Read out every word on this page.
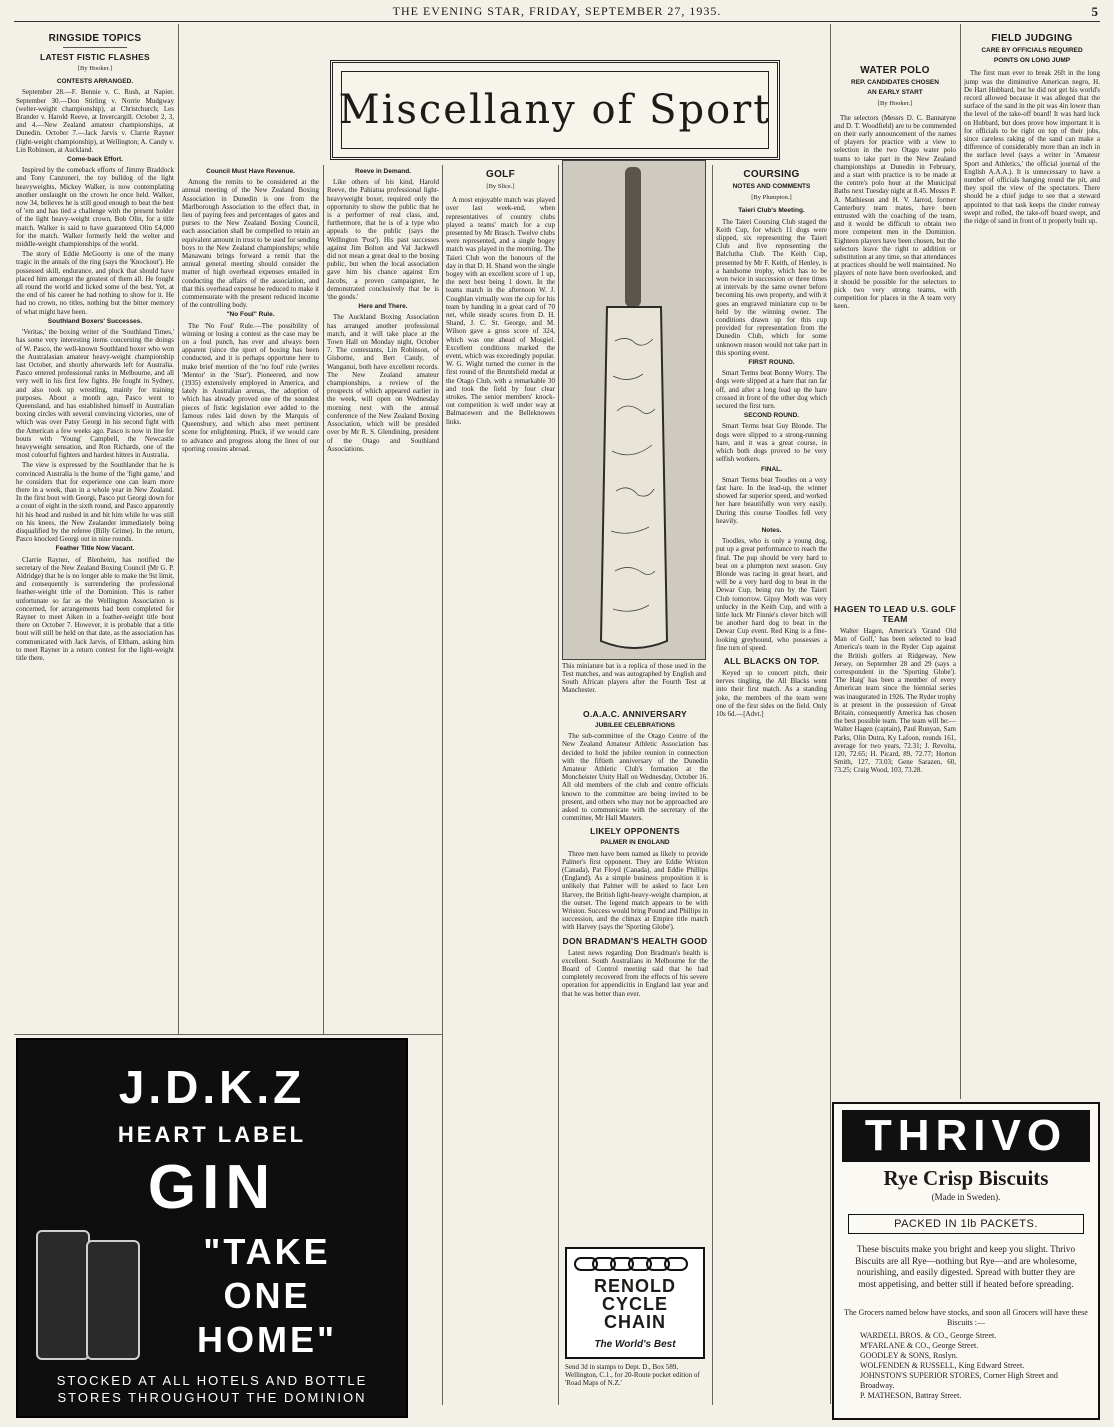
THE EVENING STAR, FRIDAY, SEPTEMBER 27, 1935.	5
Miscellany of Sport
RINGSIDE TOPICS
LATEST FISTIC FLASHES
[By Hooker.]
CONTESTS ARRANGED.

September 28.—F. Bennie v. C. Rush, at Napier. September 30.—Don Stirling v. Norrie Mudgway (welter-weight championship), at Christchurch; Les Brander v. Harold Reeve, at Invercargill. October 2, 3, and 4.—New Zealand amateur championships, at Dunedin. October 7.—Jack Jarvis v. Clarrie Rayner (light-weight championship), at Wellington; A. Candy v. Lin Robinson, at Auckland.

Come-back Effort.

Inspired by the comeback efforts of Jimmy Braddock and Tony Canzoneri, the toy bulldog of the light heavyweights, Mickey Walker, is now contemplating another onslaught on the crown he once held. Walker, now 34, believes he is still good enough to beat the best of 'em and has tied a challenge with the present holder of the light heavy-weight crown, Bob Olin, for a title match. Walker is said to have guaranteed Olin £4,000 for the match. Walker formerly held the welter and middle-weight championships of the world.

The story of Eddie McGoorty is one of the many tragic in the annals of the ring (says the 'Knockout'). He possessed skill, endurance, and pluck that should have placed him amongst the greatest of them all. He fought all round the world and licked some of the best. Yet, at the end of his career he had nothing to show for it. He had no crown, no titles, nothing but the bitter memory of what might have been.

Southland Boxers' Successes.

'Veritas,' the boxing writer of the 'Southland Times,' has some very interesting items concerning the doings of W. Pasco, the well-known Southland boxer who won the Australasian amateur heavy-weight championship last October, and shortly afterwards left for Australia. Pasco entered professional ranks in Melbourne, and all very well in his first few fights. He fought in Sydney, and also took up wrestling, mainly for training purposes. About a month ago, Pasco went to Queensland, and has established himself in Australian boxing circles with several convincing victories, one of which was over Patsy Georgi in his second fight with the American a few weeks ago. Pasco is now in line for bouts with 'Young' Campbell, the Newcastle heavyweight sensation, and Ron Richards, one of the most colourful fighters and hardest hitters in Australia.

The view is expressed by the Southlander that he is convinced Australia is the home of the 'fight game,' and he considers that for experience one can learn more there in a week, than in a whole year in New Zealand. In the first bout with Georgi, Pasco put Georgi down for a count of eight in the sixth round, and Pasco apparently hit his head and rushed in and hit him while he was still on his knees, the New Zealander immediately being disqualified by the referee (Billy Grime). In the return, Pasco knocked Georgi out in nine rounds.

Feather Title Now Vacant.

Clarrie Rayner, of Blenheim, has notified the secretary of the New Zealand Boxing Council (Mr G. P. Aldridge) that he is no longer able to make the 9st limit, and consequently is surrendering the professional feather-weight title of the Dominion. This is rather unfortunate so far as the Wellington Association is concerned, for arrangements had been completed for Rayner to meet Aiken in a feather-weight title bout there on October 7. However, it is probable that a title bout will still be held on that date, as the association has communicated with Jack Jarvis, of Eltham, asking him to meet Rayner in a return contest for the light-weight title there.

Council Must Have Revenue.

Among the remits to be considered at the annual meeting of the New Zealand Boxing Association in Dunedin is one from the Marlborough Association to the effect that, in lieu of paying fees and percentages of gates and purses to the New Zealand Boxing Council, each association shall be compelled to retain an equivalent amount in trust to be used for sending boys to the New Zealand championships; while Manawatu brings forward a remit that the annual general meeting should consider the matter of high overhead expenses entailed in conducting the affairs of the association, and that this overhead expense be reduced to make it commensurate with the present reduced income of the controlling body.

"No Foul" Rule.

The 'No Foul' Rule.—The possibility of winning or losing a contest as the case may be on a foul punch, has ever and always been apparent (since the sport of boxing has been conducted, and it is perhaps opportune here to make brief mention of the 'no foul' rule (writes 'Mentor' in the 'Star'). Pioneered, and now (1935) extensively employed in America, and lately in Australian arenas, the adoption of which has already proved one of the soundest pieces of fistic legislation ever added to the famous rules laid down by the Marquis of Queensbury, and which also meet pertinent scene for enlightening. Pluck, if we would care to advance and progress along the lines of our sporting cousins abroad.

Reeve in Demand.

Like others of his kind, Harold Reeve, the Pahiatua professional light-heavyweight boxer, required only the opportunity to show the public that he is a performer of real class, and, furthermore, that he is of a type who appeals to the public (says the Wellington 'Post'). His past successes against Jim Bolton and Val Jackwell did not mean a great deal to the boxing public, but when the local association gave him his chance against Ern Jacobs, a proven campaigner, he demonstrated conclusively that he is 'the goods.'

Here and There.

The Auckland Boxing Association has arranged another professional match, and it will take place at the Town Hall on Monday night, October 7. The contestants, Lin Robinson, of Gisborne, and Bert Candy, of Wanganui, both have excellent records. The New Zealand amateur championships, a review of the prospects of which appeared earlier in the week, will open on Wednesday morning next with the annual conference of the New Zealand Boxing Association, which will be presided over by Mr R. S. Glendining, president of the Otago and Southland Associations.

GOLF
[By Slice.]

A most enjoyable match was played over last week-end, when representatives of country clubs played a teams' match for a cup presented by Mr Brasch. Twelve clubs were represented, and a single bogey match was played in the morning. The Taieri Club won the honours of the day in that D. H. Shand won the single bogey with an excellent score of 1 up, the next best being 1 down. In the teams match in the afternoon W. J. Coughlan virtually won the cup for his team by handing in a great card of 70 net, while steady scores from D. H. Shand, J. C. St. George, and M. Wilson gave a gross score of 324, which was one ahead of Mosgiel. Excellent conditions marked the event, which was exceedingly popular. W. G. Wight turned the corner in the first round of the Bruntsfield medal at the Otago Club, with a remarkable 30 and took the field by four clear strokes. The senior members' knock-out competition is well under way at Balmacewen and the Belleknowes links.

This miniature bat is a replica of those used in the Test matches, and was autographed by English and South African players after the Fourth Test at Manchester.
O.A.A.C. ANNIVERSARY
JUBILEE CELEBRATIONS

The sub-committee of the Otago Centre of the New Zealand Amateur Athletic Association has decided to hold the jubilee reunion in connection with the fiftieth anniversary of the Dunedin Amateur Athletic Club's formation at the Moncheister Unity Hall on Wednesday, October 16. All old members of the club and centre officials known to the committee are being invited to be present, and others who may not be approached are asked to communicate with the secretary of the committee, Mr Hall Masters.

LIKELY OPPONENTS
PALMER IN ENGLAND

Three men have been named as likely to provide Palmer's first opponent. They are Eddie Wriston (Canada), Pat Floyd (Canada), and Eddie Phillips (England). As a simple business proposition it is unlikely that Palmer will be asked to face Len Harvey, the British light-heavy-weight champion, at the outset. The legend match appears to be with Wriston. Success would bring Pound and Phillips in succession, and the climax at Empire title match with Harvey (says the 'Sporting Globe').

DON BRADMAN'S HEALTH GOOD

Latest news regarding Don Bradman's health is excellent. South Australians in Melbourne for the Board of Control meeting said that he had completely recovered from the effects of his severe operation for appendicitis in England last year and that he was better than ever.

RENOLD
CYCLE
CHAIN
The World's Best
Send 3d in stamps to Dept. D., Box 589, Wellington, C.1., for 20-Route pocket edition of 'Road Maps of N.Z.'
COURSING
NOTES AND COMMENTS
[By Plumpton.]
Taieri Club's Meeting.

The Taieri Coursing Club staged the Keith Cup, for which 11 dogs were slipped, six representing the Taieri Club and five representing the Balclutha Club. The Keith Cup, presented by Mr F. Keith, of Henley, is a handsome trophy, which has to be won twice in succession or three times at intervals by the same owner before becoming his own property, and with it goes an engraved miniature cup to be held by the winning owner. The conditions drawn up for this cup provided for representation from the Dunedin Club, which for some unknown reason would not take part in this sporting event.

FIRST ROUND.

Smart Terms beat Bonny Worry. The dogs were slipped at a hare that ran far off, and after a long lead up the hare crossed in front of the other dog which secured the first turn.

SECOND ROUND.

Smart Terms beat Guy Blonde. The dogs were slipped to a strong-running hare, and it was a great course, in which both dogs proved to be very selfish workers.

FINAL.

Smart Terms beat Toodles on a very fast hare. In the lead-up, the winner showed far superior speed, and worked her hare beautifully won very easily. During this course Toodles fell very heavily.

Notes.

Toodles, who is only a young dog, put up a great performance to reach the final. The pup should be very hard to beat on a plumpton next season. Guy Blonde was racing in great heart, and will be a very hard dog to beat in the Dewar Cup, being run by the Taieri Club tomorrow. Gipsy Moth was very unlucky in the Keith Cup, and with a little luck Mr Finnie's clever bitch will be another hard dog to beat in the Dewar Cup event. Red King is a fine-looking greyhound, who possesses a fine turn of speed.

ALL BLACKS ON TOP.

Keyed up to concert pitch, their nerves tingling, the All Blacks went into their first match. As a standing joke, the members of the team were one of the first sides on the field. Only 10s 6d.—[Advt.]

WATER POLO
REP. CANDIDATES CHOSEN
AN EARLY START
[By Hooker.]

The selectors (Messrs D. C. Bannatyne and D. T. Woodfield) are to be commended on their early announcement of the names of players for practice with a view to selection in the two Otago water polo teams to take part in the New Zealand championships at Dunedin in February, and a start with practice is to be made at the centre's polo hour at the Municipal Baths next Tuesday night at 8.45. Messrs P. A. Mathieson and H. V. Jarrod, former Canterbury team mates, have been entrusted with the coaching of the team, and it would be difficult to obtain two more competent men in the Dominion. Eighteen players have been chosen, but the selectors leave the right to addition or substitution at any time, so that attendances at practices should be well maintained. No players of note have been overlooked, and it should be possible for the selectors to pick two very strong teams, with competition for places in the A team very keen.

HAGEN TO LEAD U.S. GOLF TEAM

Walter Hagen, America's 'Grand Old Man of Golf,' has been selected to lead America's team in the Ryder Cup against the British golfers at Ridgeway, New Jersey, on September 28 and 29 (says a correspondent in the 'Sporting Globe'). 'The Haig' has been a member of every American team since the biennial series was inaugurated in 1926. The Ryder trophy is at present in the possession of Great Britain, consequently America has chosen the best possible team. The team will be:— Walter Hagen (captain), Paul Runyan, Sam Parks, Olin Dutra, Ky Lafoon, rounds 161, average for two years, 72.31; J. Revolta, 120, 72.65; H. Picard, 89, 72.77; Horton Smith, 127, 73.03; Gene Sarazen, 60, 73.25; Craig Wood, 103, 73.28.

FIELD JUDGING
CARE BY OFFICIALS REQUIRED
POINTS ON LONG JUMP

The first man ever to break 26ft in the long jump was the diminutive American negro, H. De Hart Hubbard, but he did not get his world's record allowed because it was alleged that the surface of the sand in the pit was 4in lower than the level of the take-off board! It was hard luck on Hubbard, but does prove how important it is for officials to be right on top of their jobs, since careless raking of the sand can make a difference of considerably more than an inch in the surface level (says a writer in 'Amateur Sport and Athletics,' the official journal of the English A.A.A.). It is unnecessary to have a number of officials hanging round the pit, and they spoil the view of the spectators. There should be a chief judge to see that a steward appointed to that task keeps the cinder runway swept and rolled, the take-off board swept, and the ridge of sand in front of it properly built up.

J.D.K.Z
HEART LABEL
GIN
"TAKE
ONE
HOME"
STOCKED AT ALL HOTELS AND BOTTLE
STORES THROUGHOUT THE DOMINION
THRIVO
Rye Crisp Biscuits
(Made in Sweden).
PACKED IN 1lb PACKETS.
These biscuits make you bright and keep you slight. Thrivo Biscuits are all Rye—nothing but Rye—and are wholesome, nourishing, and easily digested. Spread with butter they are most appetising, and better still if heated before spreading.
The Grocers named below have stocks, and soon all Grocers will have these Biscuits :—
WARDELL BROS. & CO., George Street.
M'FARLANE & CO., George Street.
GOODLEY & SONS, Roslyn.
WOLFENDEN & RUSSELL, King Edward Street.
JOHNSTON'S SUPERIOR STORES, Corner High Street and Broadway.
P. MATHESON, Battray Street.
